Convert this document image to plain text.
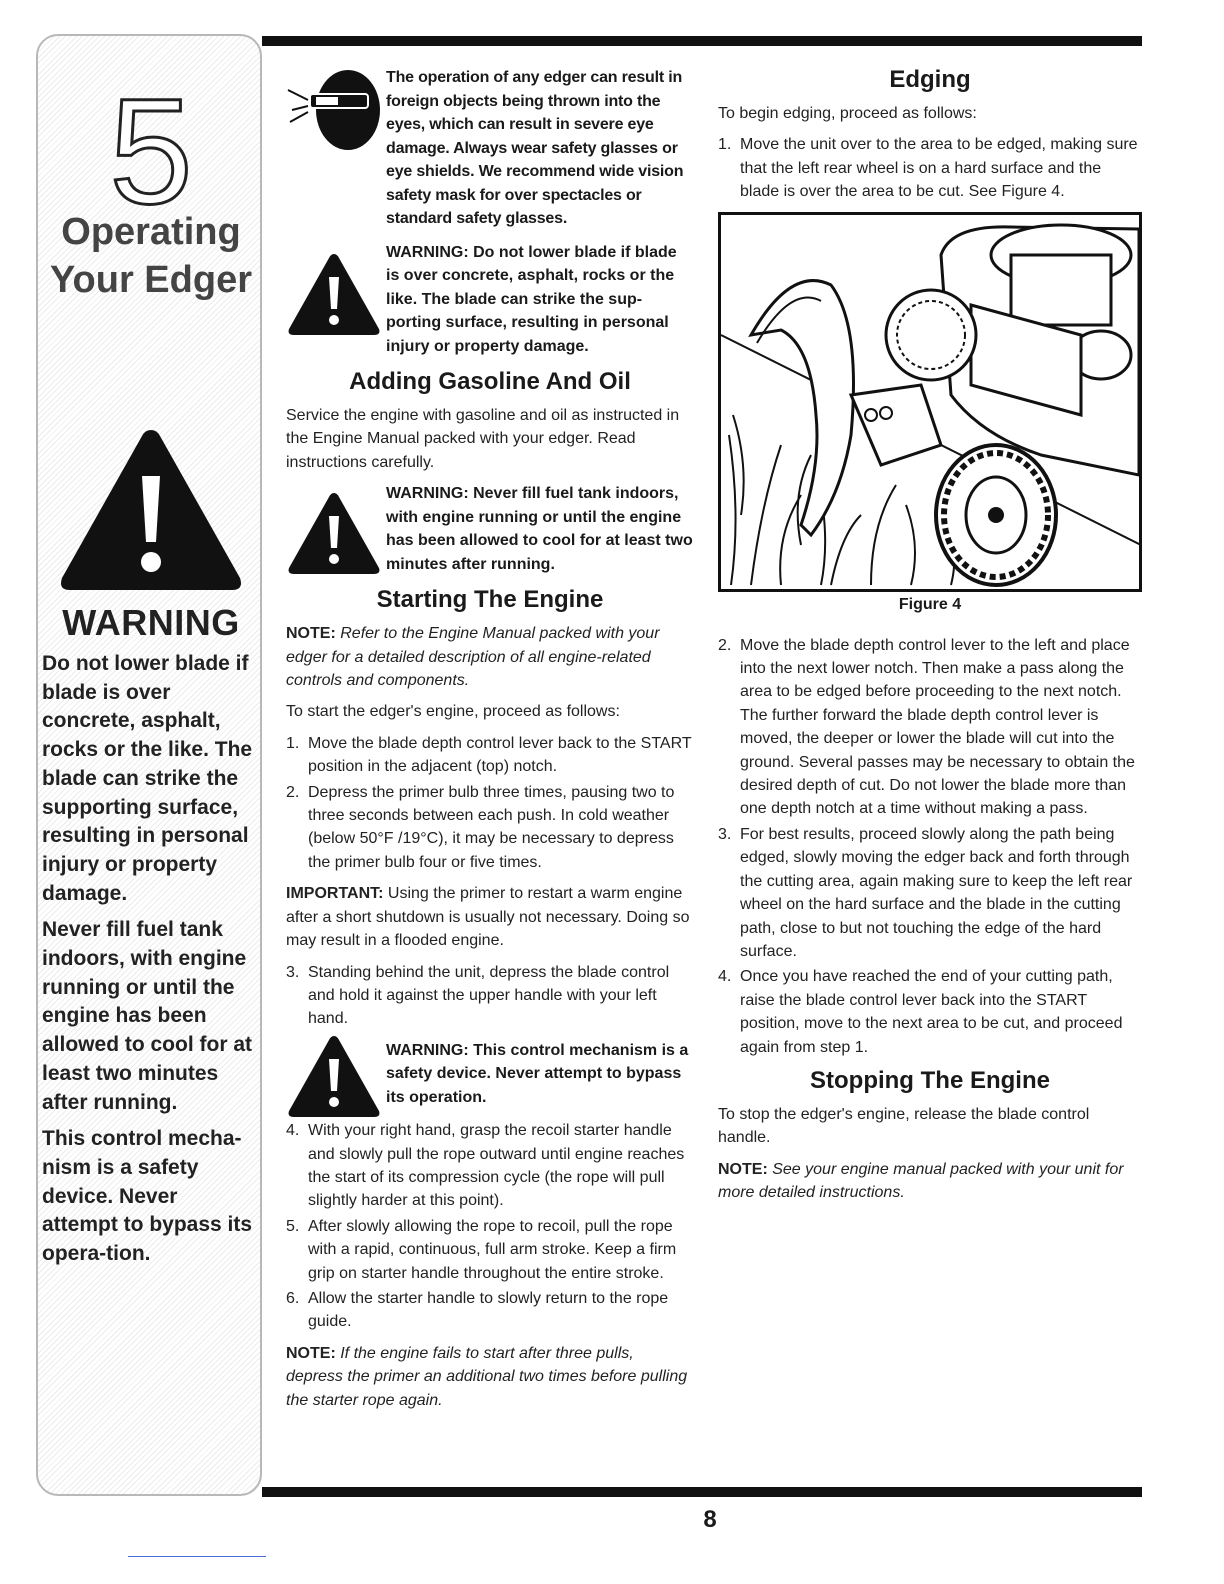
5
Operating
Your Edger
WARNING

Do not lower blade if blade is over concrete, asphalt, rocks or the like. The blade can strike the supporting surface, resulting in personal injury or property damage.

Never fill fuel tank indoors, with engine running or until the engine has been allowed to cool for at least two minutes after running.

This control mecha-nism is a safety device. Never attempt to bypass its opera-tion.

The operation of any edger can result in foreign objects being thrown into the eyes, which can result in severe eye damage. Always wear safety glasses or eye shields. We recommend wide vision safety mask for over spectacles or standard safety glasses.
WARNING: Do not lower blade if blade is over concrete, asphalt, rocks or the like. The blade can strike the sup-porting surface, resulting in personal injury or property damage.
Adding Gasoline And Oil

Service the engine with gasoline and oil as instructed in the Engine Manual packed with your edger. Read instructions carefully.

WARNING: Never fill fuel tank indoors, with engine running or until the engine has been allowed to cool for at least two minutes after running.
Starting The Engine

NOTE: Refer to the Engine Manual packed with your edger for a detailed description of all engine-related controls and components.

To start the edger's engine, proceed as follows:

1. Move the blade depth control lever back to the START position in the adjacent (top) notch.
2. Depress the primer bulb three times, pausing two to three seconds between each push. In cold weather (below 50°F /19°C), it may be necessary to depress the primer bulb four or five times.

IMPORTANT: Using the primer to restart a warm engine after a short shutdown is usually not necessary. Doing so may result in a flooded engine.

3. Standing behind the unit, depress the blade control and hold it against the upper handle with your left hand.
WARNING: This control mechanism is a safety device. Never attempt to bypass its operation.
4. With your right hand, grasp the recoil starter handle and slowly pull the rope outward until engine reaches the start of its compression cycle (the rope will pull slightly harder at this point).
5. After slowly allowing the rope to recoil, pull the rope with a rapid, continuous, full arm stroke. Keep a firm grip on starter handle throughout the entire stroke.
6. Allow the starter handle to slowly return to the rope guide.

NOTE: If the engine fails to start after three pulls, depress the primer an additional two times before pulling the starter rope again.

Edging

To begin edging, proceed as follows:

1. Move the unit over to the area to be edged, making sure that the left rear wheel is on a hard surface and the blade is over the area to be cut. See Figure 4.
Figure 4
2. Move the blade depth control lever to the left and place into the next lower notch. Then make a pass along the area to be edged before proceeding to the next notch. The further forward the blade depth control lever is moved, the deeper or lower the blade will cut into the ground. Several passes may be necessary to obtain the desired depth of cut. Do not lower the blade more than one depth notch at a time without making a pass.
3. For best results, proceed slowly along the path being edged, slowly moving the edger back and forth through the cutting area, again making sure to keep the left rear wheel on the hard surface and the blade in the cutting path, close to but not touching the edge of the hard surface.
4. Once you have reached the end of your cutting path, raise the blade control lever back into the START position, move to the next area to be cut, and proceed again from step 1.
Stopping The Engine

To stop the edger's engine, release the blade control handle.

NOTE: See your engine manual packed with your unit for more detailed instructions.

8
